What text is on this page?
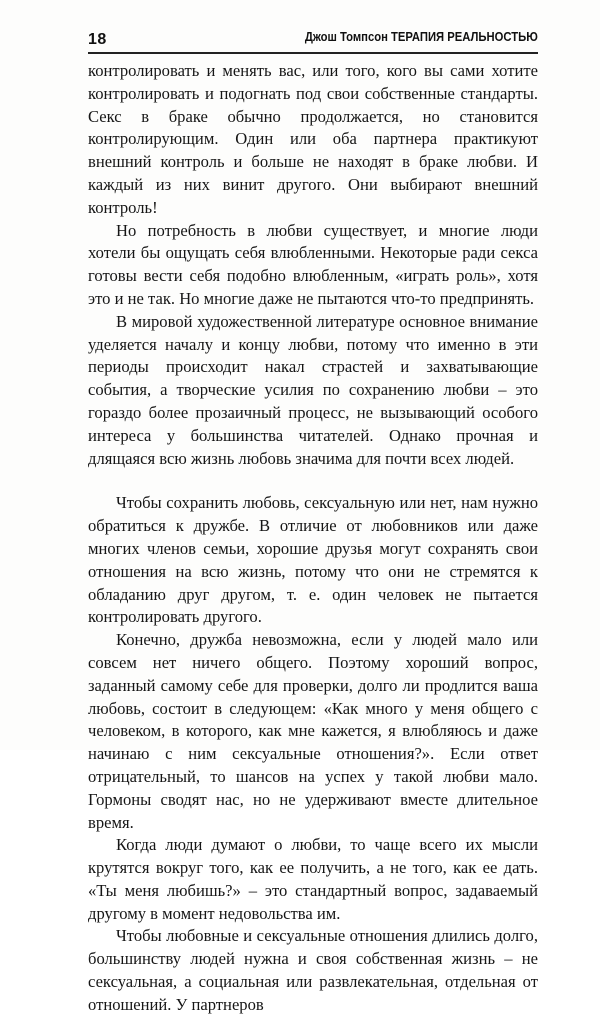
18	Джош Томпсон ТЕРАПИЯ РЕАЛЬНОСТЬЮ

контролировать и менять вас, или того, кого вы сами хотите контролировать и подогнать под свои собственные стандарты. Секс в браке обычно продолжается, но становится контролирующим. Один или оба партнера практикуют внешний контроль и больше не находят в браке любви. И каждый из них винит другого. Они выбирают внешний контроль!

Но потребность в любви существует, и многие люди хотели бы ощущать себя влюбленными. Некоторые ради секса готовы вести себя подобно влюбленным, «играть роль», хотя это и не так. Но многие даже не пытаются что-то предпринять.

В мировой художественной литературе основное внимание уделяется началу и концу любви, потому что именно в эти периоды происходит накал страстей и захватывающие события, а творческие усилия по сохранению любви – это гораздо более прозаичный процесс, не вызывающий особого интереса у большинства читателей. Однако прочная и длящаяся всю жизнь любовь значима для почти всех людей.

Чтобы сохранить любовь, сексуальную или нет, нам нужно обратиться к дружбе. В отличие от любовников или даже многих членов семьи, хорошие друзья могут сохранять свои отношения на всю жизнь, потому что они не стремятся к обладанию друг другом, т. е. один человек не пытается контролировать другого.

Конечно, дружба невозможна, если у людей мало или совсем нет ничего общего. Поэтому хороший вопрос, заданный самому себе для проверки, долго ли продлится ваша любовь, состоит в следующем: «Как много у меня общего с человеком, в которого, как мне кажется, я влюбляюсь и даже начинаю с ним сексуальные отношения?». Если ответ отрицательный, то шансов на успех у такой любви мало. Гормоны сводят нас, но не удерживают вместе длительное время.

Когда люди думают о любви, то чаще всего их мысли крутятся вокруг того, как ее получить, а не того, как ее дать. «Ты меня любишь?» – это стандартный вопрос, задаваемый другому в момент недовольства им.

Чтобы любовные и сексуальные отношения длились долго, большинству людей нужна и своя собственная жизнь – не сексуальная, а социальная или развлекательная, отдельная от отношений. У партнеров
